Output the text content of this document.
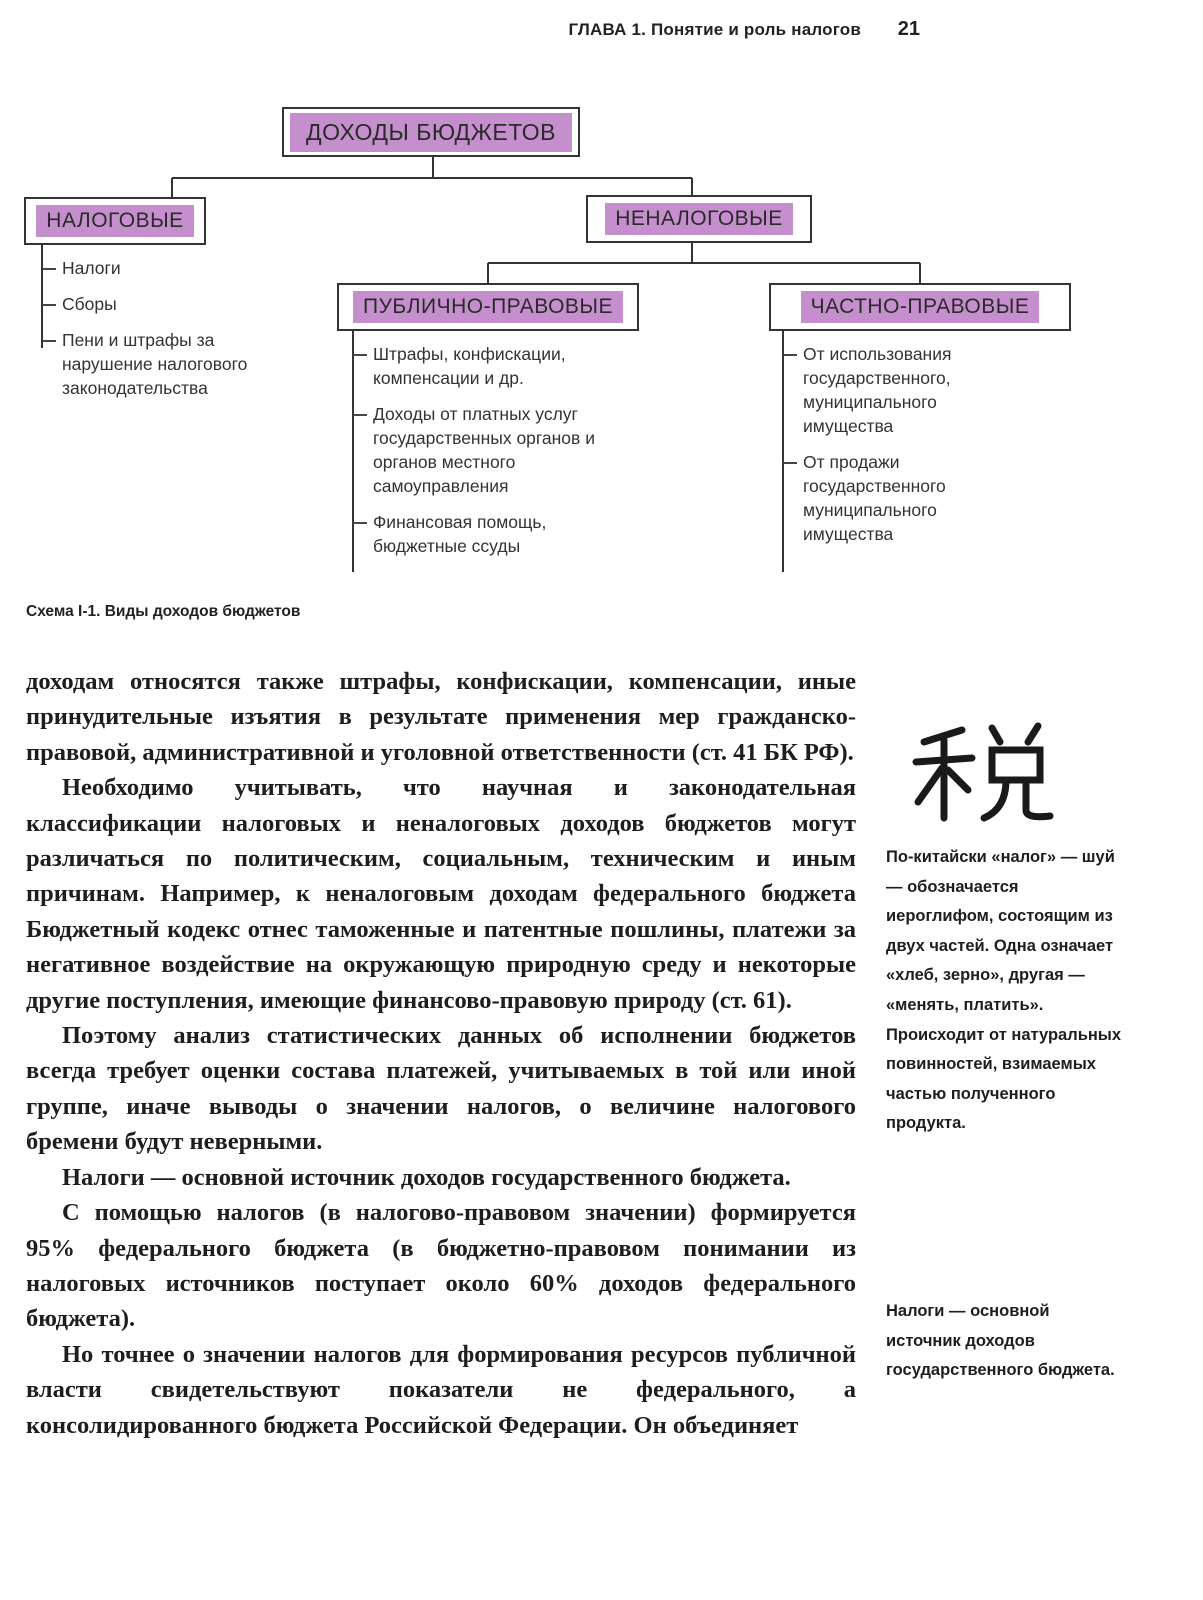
ГЛАВА 1. Понятие и роль налогов 21
ДОХОДЫ БЮДЖЕТОВ
НАЛОГОВЫЕ	НЕНАЛОГОВЫЕ
ПУБЛИЧНО-ПРАВОВЫЕ	ЧАСТНО-ПРАВОВЫЕ
Налоги
Сборы
Пени и штрафы за нарушение налогового законодательства
Штрафы, конфискации, компенсации и др.
Доходы от платных услуг государственных органов и органов местного самоуправления
Финансовая помощь, бюджетные ссуды
От использования государственного, муниципального имущества
От продажи государственного муниципального имущества
Схема I-1. Виды доходов бюджетов

доходам относятся также штрафы, конфискации, компенсации, иные принудительные изъятия в результате применения мер гражданско-правовой, административной и уголовной ответственности (ст. 41 БК РФ).

Необходимо учитывать, что научная и законодательная классификации налоговых и неналоговых доходов бюджетов могут различаться по политическим, социальным, техническим и иным причинам. Например, к неналоговым доходам федерального бюджета Бюджетный кодекс отнес таможенные и патентные пошлины, платежи за негативное воздействие на окружающую природную среду и некоторые другие поступления, имеющие финансово-правовую природу (ст. 61).

Поэтому анализ статистических данных об исполнении бюджетов всегда требует оценки состава платежей, учитываемых в той или иной группе, иначе выводы о значении налогов, о величине налогового бремени будут неверными.

Налоги — основной источник доходов государственного бюджета.

С помощью налогов (в налогово-правовом значении) формируется 95% федерального бюджета (в бюджетно-правовом понимании из налоговых источников поступает около 60% доходов федерального бюджета).

Но точнее о значении налогов для формирования ресурсов публичной власти свидетельствуют показатели не федерального, а консолидированного бюджета Российской Федерации. Он объединяет

По-китайски «налог» — шуй — обозначается иероглифом, состоящим из двух частей. Одна означает «хлеб, зерно», другая — «менять, платить». Происходит от натуральных повинностей, взимаемых частью полученного продукта.
Налоги — основной источник доходов государственного бюджета.
